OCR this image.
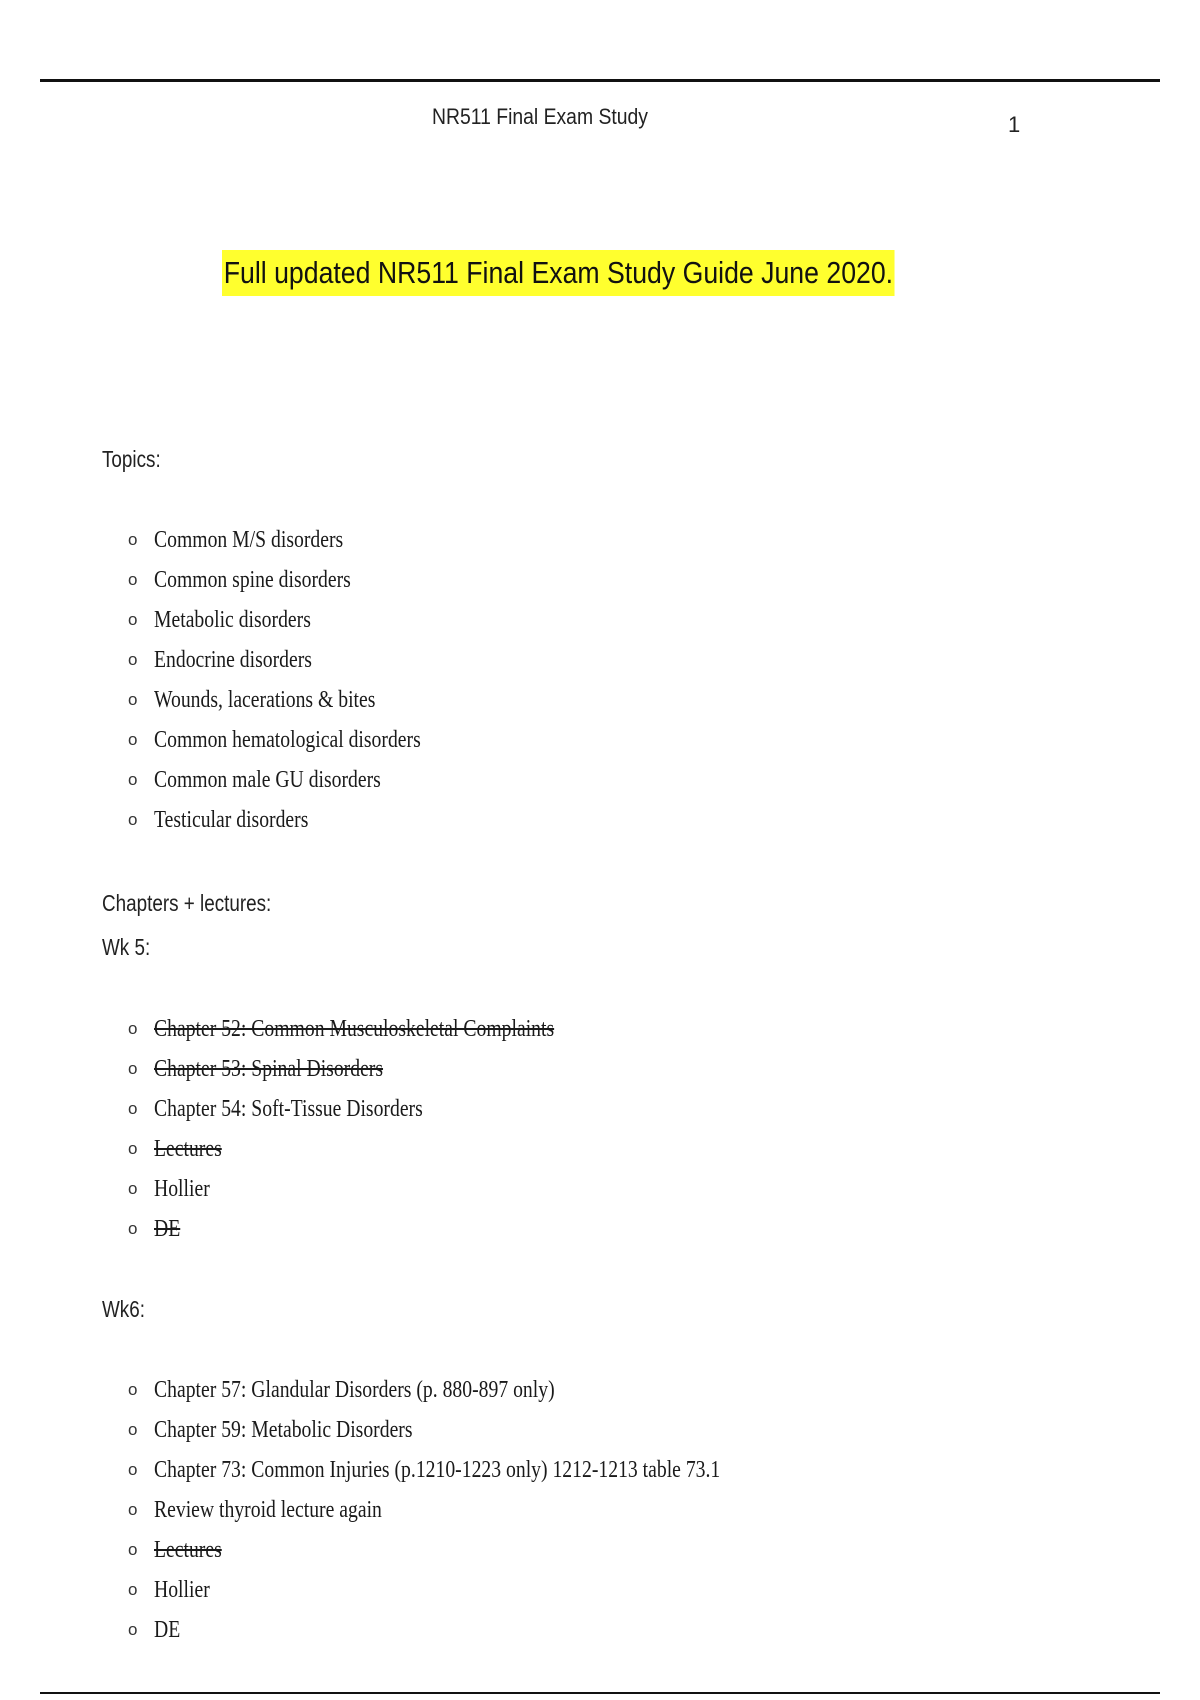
NR511 Final Exam Study	1
Full updated NR511 Final Exam Study Guide June 2020.
Topics:
o Common M/S disorders
o Common spine disorders
o Metabolic disorders
o Endocrine disorders
o Wounds, lacerations & bites
o Common hematological disorders
o Common male GU disorders
o Testicular disorders
Chapters + lectures:
Wk 5:
o Chapter 52: Common Musculoskeletal Complaints
o Chapter 53: Spinal Disorders
o Chapter 54: Soft-Tissue Disorders
o Lectures
o Hollier
o DE
Wk6:
o Chapter 57: Glandular Disorders (p. 880-897 only)
o Chapter 59: Metabolic Disorders
o Chapter 73: Common Injuries (p.1210-1223 only) 1212-1213 table 73.1
o Review thyroid lecture again
o Lectures
o Hollier
o DE
